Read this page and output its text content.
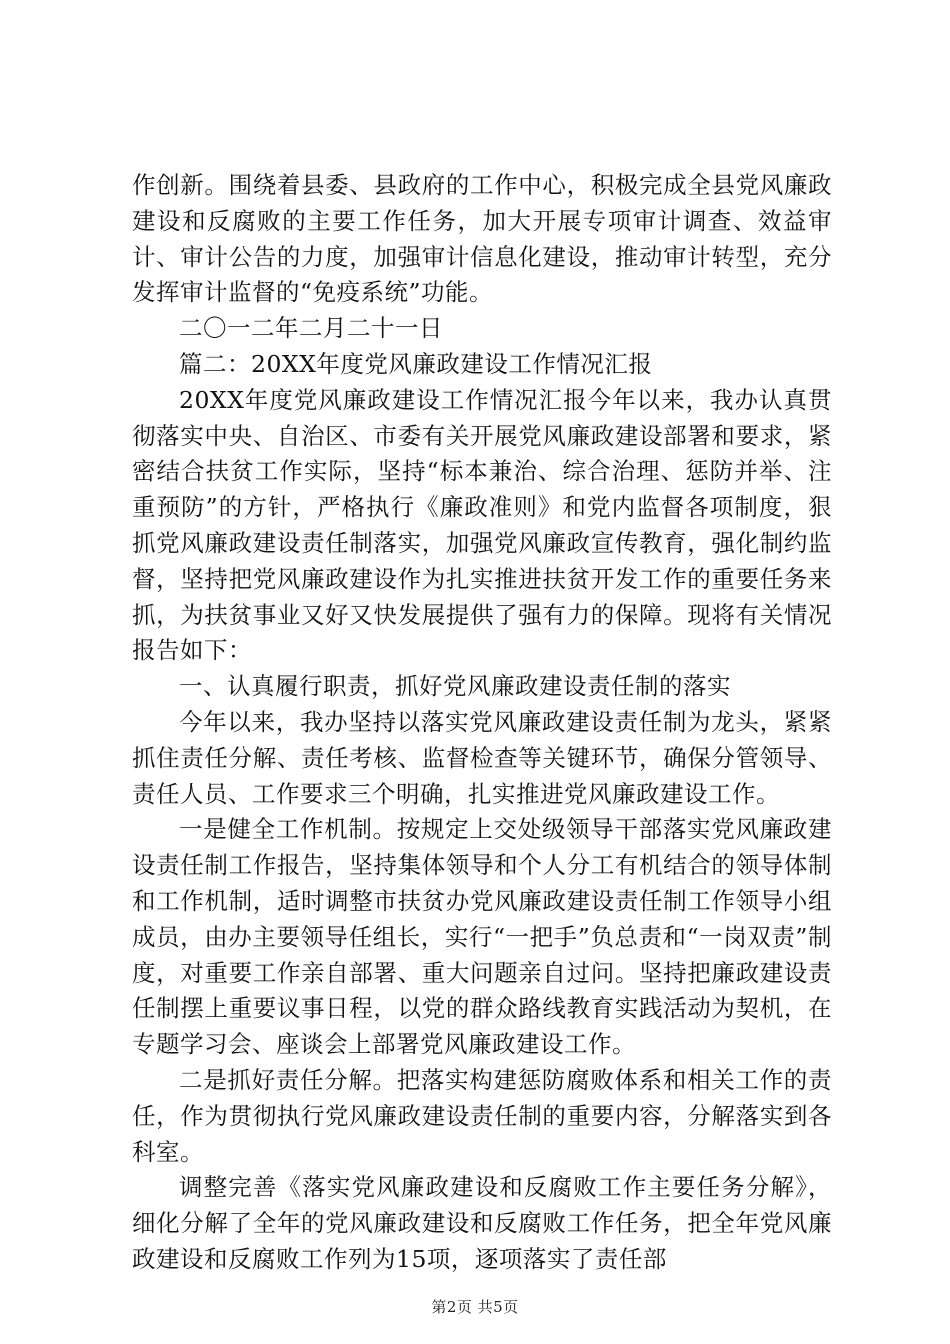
作创新。围绕着县委、县政府的工作中心，积极完成全县党风廉政建设和反腐败的主要工作任务，加大开展专项审计调查、效益审计、审计公告的力度，加强审计信息化建设，推动审计转型，充分发挥审计监督的“免疫系统”功能。

二〇一二年二月二十一日

篇二：20XX年度党风廉政建设工作情况汇报

20XX年度党风廉政建设工作情况汇报今年以来，我办认真贯彻落实中央、自治区、市委有关开展党风廉政建设部署和要求，紧密结合扶贫工作实际，坚持“标本兼治、综合治理、惩防并举、注重预防”的方针，严格执行《廉政准则》和党内监督各项制度，狠抓党风廉政建设责任制落实，加强党风廉政宣传教育，强化制约监督，坚持把党风廉政建设作为扎实推进扶贫开发工作的重要任务来抓，为扶贫事业又好又快发展提供了强有力的保障。现将有关情况报告如下：

一、认真履行职责，抓好党风廉政建设责任制的落实

今年以来，我办坚持以落实党风廉政建设责任制为龙头，紧紧抓住责任分解、责任考核、监督检查等关键环节，确保分管领导、责任人员、工作要求三个明确，扎实推进党风廉政建设工作。

一是健全工作机制。按规定上交处级领导干部落实党风廉政建设责任制工作报告，坚持集体领导和个人分工有机结合的领导体制和工作机制，适时调整市扶贫办党风廉政建设责任制工作领导小组成员，由办主要领导任组长，实行“一把手”负总责和“一岗双责”制度，对重要工作亲自部署、重大问题亲自过问。坚持把廉政建设责任制摆上重要议事日程，以党的群众路线教育实践活动为契机，在专题学习会、座谈会上部署党风廉政建设工作。

二是抓好责任分解。把落实构建惩防腐败体系和相关工作的责任，作为贯彻执行党风廉政建设责任制的重要内容，分解落实到各科室。

调整完善《落实党风廉政建设和反腐败工作主要任务分解》，细化分解了全年的党风廉政建设和反腐败工作任务，把全年党风廉政建设和反腐败工作列为15项，逐项落实了责任部

第2页 共5页
